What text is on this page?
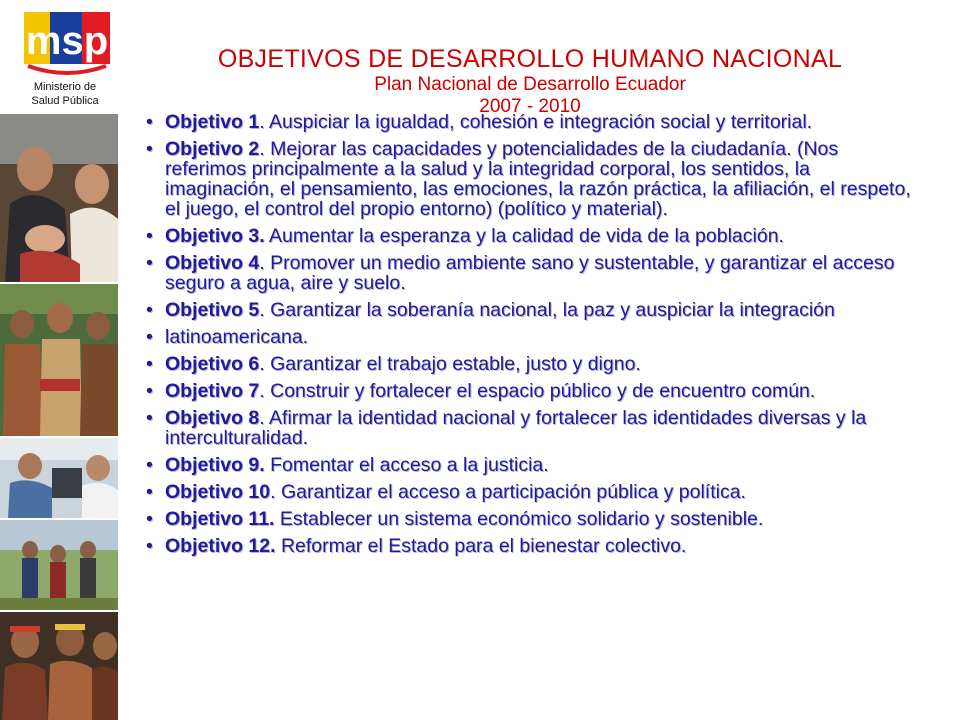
msp
Ministerio de
Salud Pública
OBJETIVOS DE DESARROLLO HUMANO NACIONAL
Plan Nacional de Desarrollo Ecuador
2007 - 2010
• Objetivo 1. Auspiciar la igualdad, cohesión e integración social y territorial.
• Objetivo 2. Mejorar las capacidades y potencialidades de la ciudadanía. (Nos referimos principalmente a la salud y la integridad corporal, los sentidos, la imaginación, el pensamiento, las emociones, la razón práctica, la afiliación, el respeto, el juego, el control del propio entorno) (político y material).
• Objetivo 3. Aumentar la esperanza y la calidad de vida de la población.
• Objetivo 4. Promover un medio ambiente sano y sustentable, y garantizar el acceso seguro a agua, aire y suelo.
• Objetivo 5. Garantizar la soberanía nacional, la paz y auspiciar la integración
• latinoamericana.
• Objetivo 6. Garantizar el trabajo estable, justo y digno.
• Objetivo 7. Construir y fortalecer el espacio público y de encuentro común.
• Objetivo 8. Afirmar la identidad nacional y fortalecer las identidades diversas y la interculturalidad.
• Objetivo 9. Fomentar el acceso a la justicia.
• Objetivo 10. Garantizar el acceso a participación pública y política.
• Objetivo 11. Establecer un sistema económico solidario y sostenible.
• Objetivo 12. Reformar el Estado para el bienestar colectivo.
